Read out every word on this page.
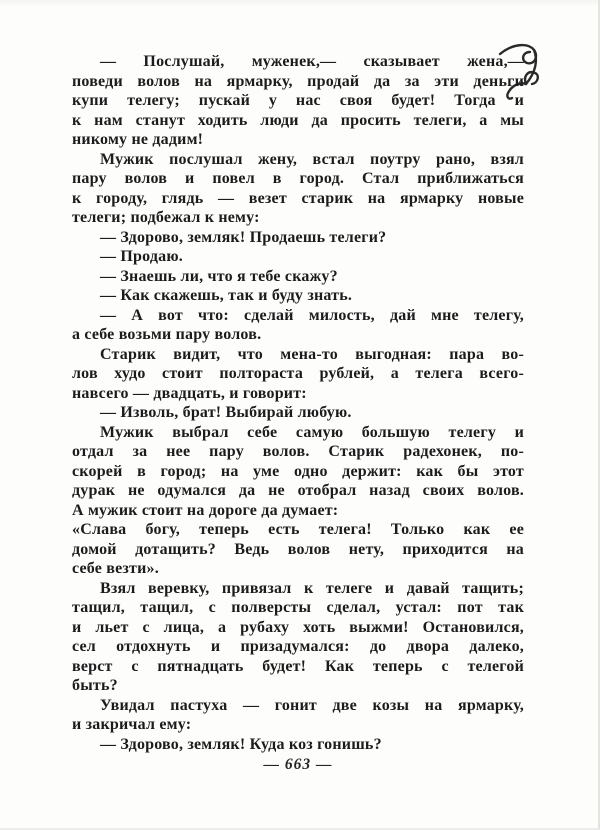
— Послушай, муженек,— сказывает жена,—
поведи волов на ярмарку, продай да за эти деньги
купи телегу; пускай у нас своя будет! Тогда и
к нам станут ходить люди да просить телеги, а мы
никому не дадим!
Мужик послушал жену, встал поутру рано, взял
пару волов и повел в город. Стал приближаться
к городу, глядь — везет старик на ярмарку новые
телеги; подбежал к нему:
— Здорово, земляк! Продаешь телеги?
— Продаю.
— Знаешь ли, что я тебе скажу?
— Как скажешь, так и буду знать.
— А вот что: сделай милость, дай мне телегу,
а себе возьми пару волов.
Старик видит, что мена-то выгодная: пара во-
лов худо стоит полтораста рублей, а телега всего-
навсего — двадцать, и говорит:
— Изволь, брат! Выбирай любую.
Мужик выбрал себе самую большую телегу и
отдал за нее пару волов. Старик радехонек, по-
скорей в город; на уме одно держит: как бы этот
дурак не одумался да не отобрал назад своих волов.
А мужик стоит на дороге да думает:
«Слава богу, теперь есть телега! Только как ее
домой дотащить? Ведь волов нету, приходится на
себе везти».
Взял веревку, привязал к телеге и давай тащить;
тащил, тащил, с полверсты сделал, устал: пот так
и льет с лица, а рубаху хоть выжми! Остановился,
сел отдохнуть и призадумался: до двора далеко,
верст с пятнадцать будет! Как теперь с телегой
быть?
Увидал пастуха — гонит две козы на ярмарку,
и закричал ему:
— Здорово, земляк! Куда коз гонишь?
— 663 —
